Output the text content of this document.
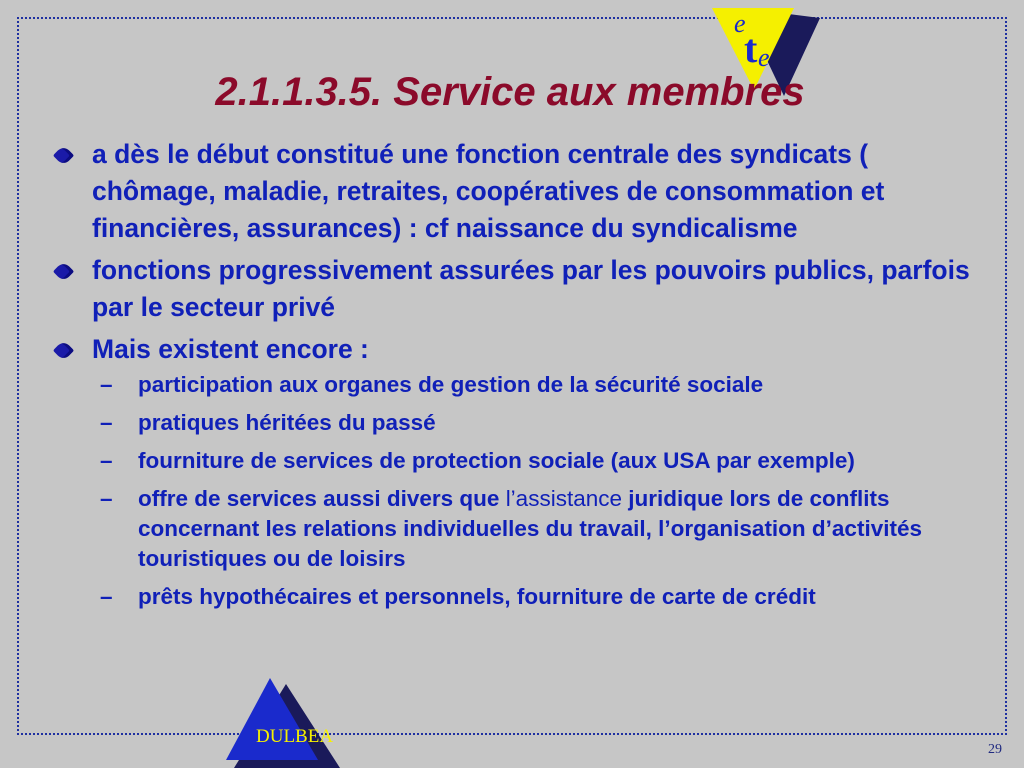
e
t e
2.1.1.3.5. Service aux membres
a dès le début constitué une fonction centrale des syndicats ( chômage, maladie, retraites, coopératives de consommation et financières, assurances) : cf naissance du syndicalisme
fonctions progressivement assurées par les pouvoirs publics, parfois par le secteur privé
Mais existent encore :
– participation aux organes de gestion de la sécurité sociale
– pratiques héritées du passé
– fourniture de services de protection sociale (aux USA par exemple)
– offre de services aussi divers que l’assistance juridique lors de conflits concernant les relations individuelles du travail, l’organisation d’activités touristiques ou de loisirs
– prêts hypothécaires et personnels, fourniture de carte de crédit
DULBEA
29
